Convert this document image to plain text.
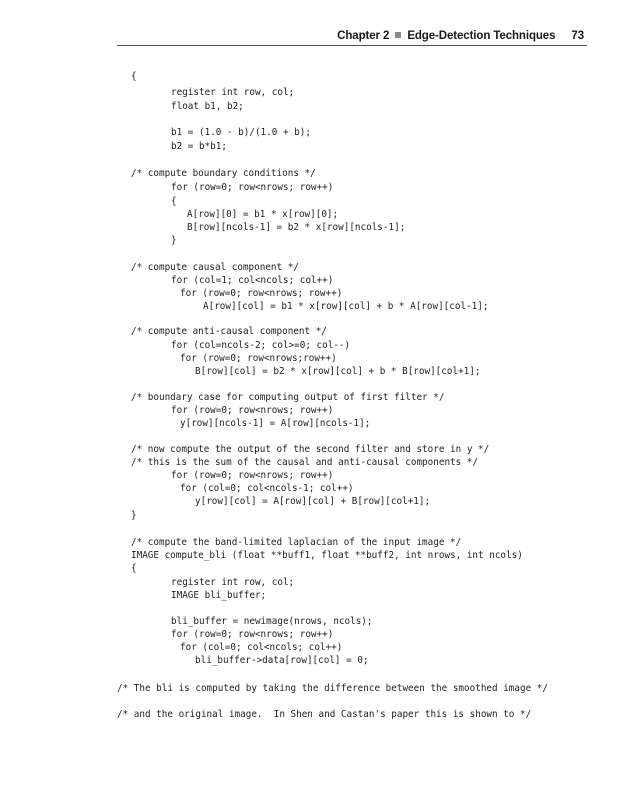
Chapter 2 Edge-Detection Techniques 73
{
register int row, col;
float b1, b2;
b1 = (1.0 - b)/(1.0 + b);
b2 = b*b1;
/* compute boundary conditions */
for (row=0; row<nrows; row++)
{
A[row][0] = b1 * x[row][0];
B[row][ncols-1] = b2 * x[row][ncols-1];
}
/* compute causal component */
for (col=1; col<ncols; col++)
for (row=0; row<nrows; row++)
A[row][col] = b1 * x[row][col] + b * A[row][col-1];
/* compute anti-causal component */
for (col=ncols-2; col>=0; col--)
for (row=0; row<nrows;row++)
B[row][col] = b2 * x[row][col] + b * B[row][col+1];
/* boundary case for computing output of first filter */
for (row=0; row<nrows; row++)
y[row][ncols-1] = A[row][ncols-1];
/* now compute the output of the second filter and store in y */
/* this is the sum of the causal and anti-causal components */
for (row=0; row<nrows; row++)
for (col=0; col<ncols-1; col++)
y[row][col] = A[row][col] + B[row][col+1];
}
/* compute the band-limited laplacian of the input image */
IMAGE compute_bli (float **buff1, float **buff2, int nrows, int ncols)
{
register int row, col;
IMAGE bli_buffer;
bli_buffer = newimage(nrows, ncols);
for (row=0; row<nrows; row++)
for (col=0; col<ncols; col++)
bli_buffer->data[row][col] = 0;
/* The bli is computed by taking the difference between the smoothed image */
/* and the original image.  In Shen and Castan's paper this is shown to */
